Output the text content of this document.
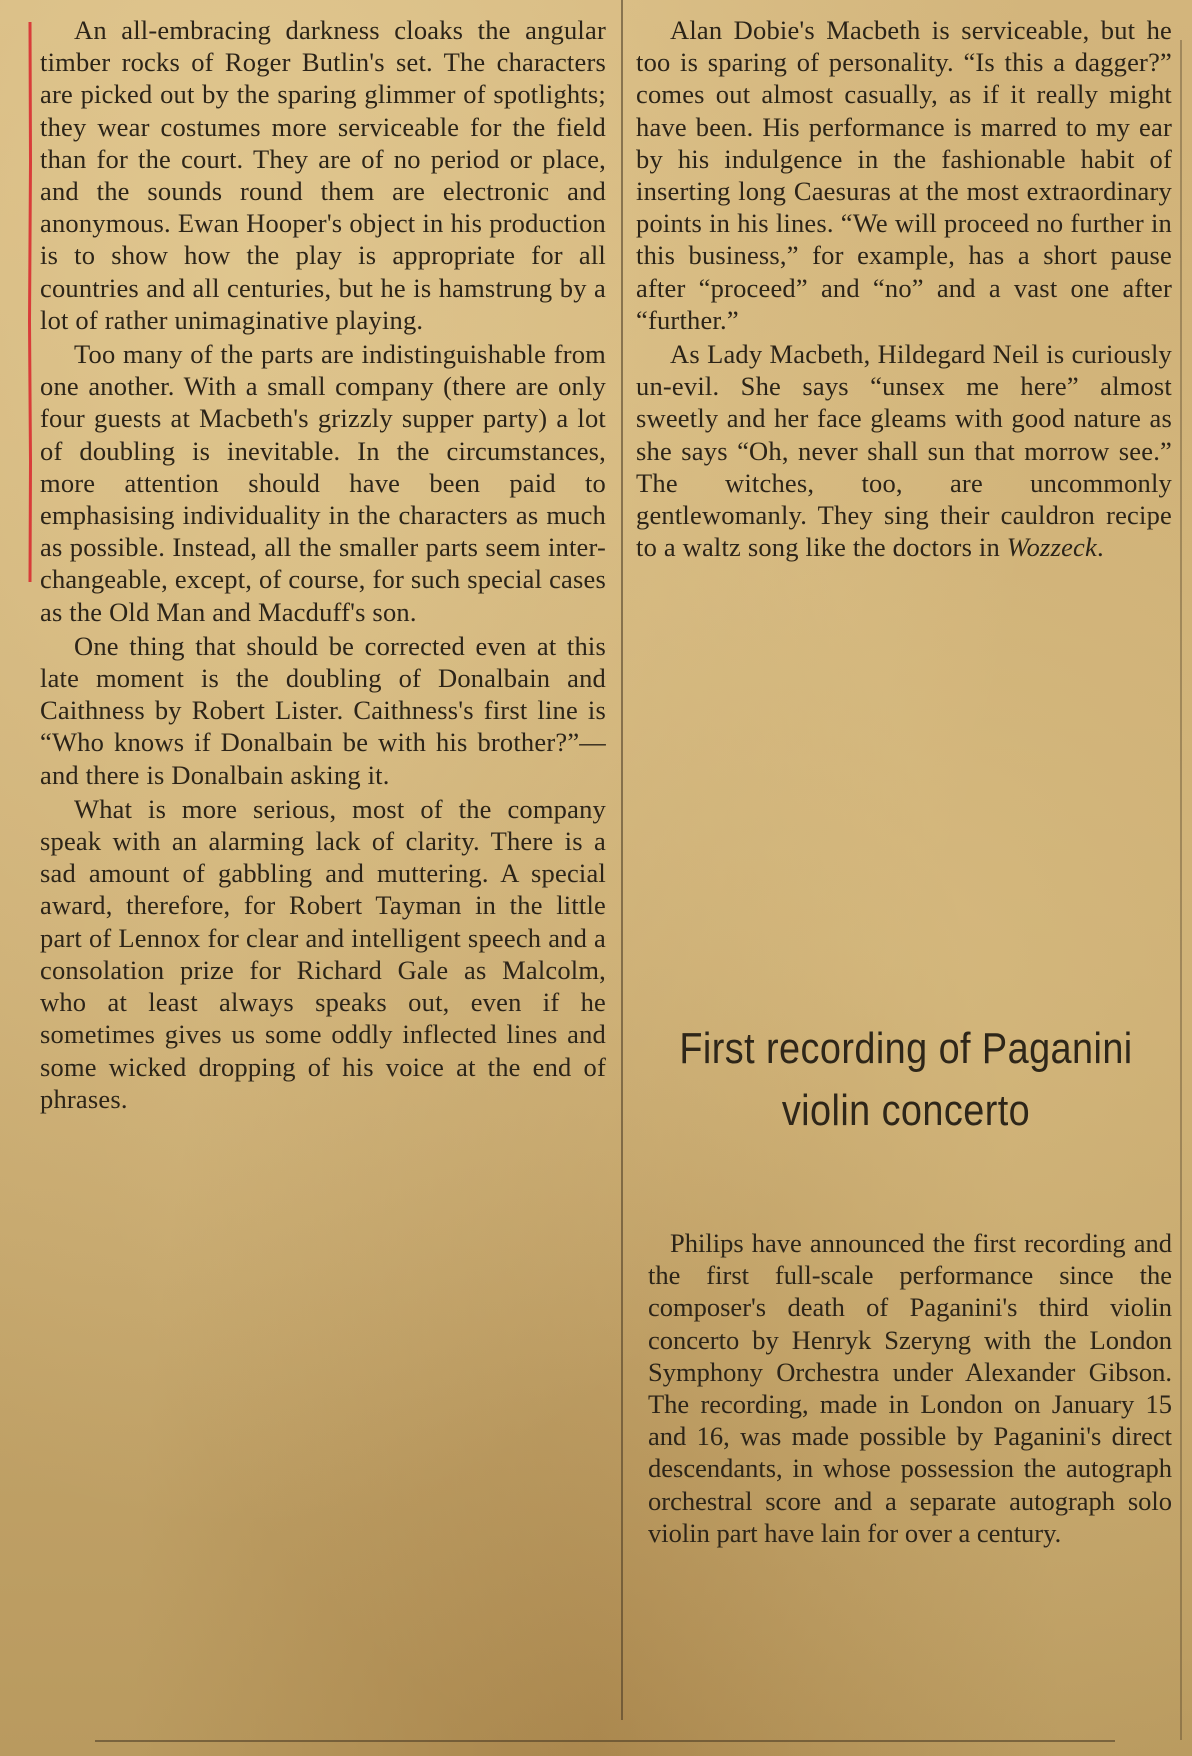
An all-embracing darkness cloaks the angular timber rocks of Roger Butlin's set. The characters are picked out by the sparing glimmer of spotlights; they wear costumes more serviceable for the field than for the court. They are of no period or place, and the sounds round them are electronic and anonymous. Ewan Hooper's object in his production is to show how the play is appropriate for all countries and all centuries, but he is hamstrung by a lot of rather unimaginative playing.

Too many of the parts are indistinguishable from one another. With a small company (there are only four guests at Macbeth's grizzly supper party) a lot of doubling is inevitable. In the circumstances, more attention should have been paid to emphasising individuality in the characters as much as possible. Instead, all the smaller parts seem inter-changeable, except, of course, for such special cases as the Old Man and Macduff's son.

One thing that should be corrected even at this late moment is the doubling of Donalbain and Caithness by Robert Lister. Caithness's first line is “Who knows if Donalbain be with his brother?”—and there is Donalbain asking it.

What is more serious, most of the company speak with an alarming lack of clarity. There is a sad amount of gabbling and muttering. A special award, therefore, for Robert Tayman in the little part of Lennox for clear and intelligent speech and a consolation prize for Richard Gale as Malcolm, who at least always speaks out, even if he sometimes gives us some oddly inflected lines and some wicked dropping of his voice at the end of phrases.

Alan Dobie's Macbeth is serviceable, but he too is sparing of personality. “Is this a dagger?” comes out almost casually, as if it really might have been. His performance is marred to my ear by his indulgence in the fashionable habit of inserting long Caesuras at the most extraordinary points in his lines. “We will proceed no further in this business,” for example, has a short pause after “proceed” and “no” and a vast one after “further.”

As Lady Macbeth, Hildegard Neil is curiously un-evil. She says “unsex me here” almost sweetly and her face gleams with good nature as she says “Oh, never shall sun that morrow see.” The witches, too, are uncommonly gentlewomanly. They sing their cauldron recipe to a waltz song like the doctors in Wozzeck.

First recording of Paganini violin concerto

Philips have announced the first recording and the first full-scale performance since the composer's death of Paganini's third violin concerto by Henryk Szeryng with the London Symphony Orchestra under Alexander Gibson. The recording, made in London on January 15 and 16, was made possible by Paganini's direct descendants, in whose possession the autograph orchestral score and a separate autograph solo violin part have lain for over a century.
